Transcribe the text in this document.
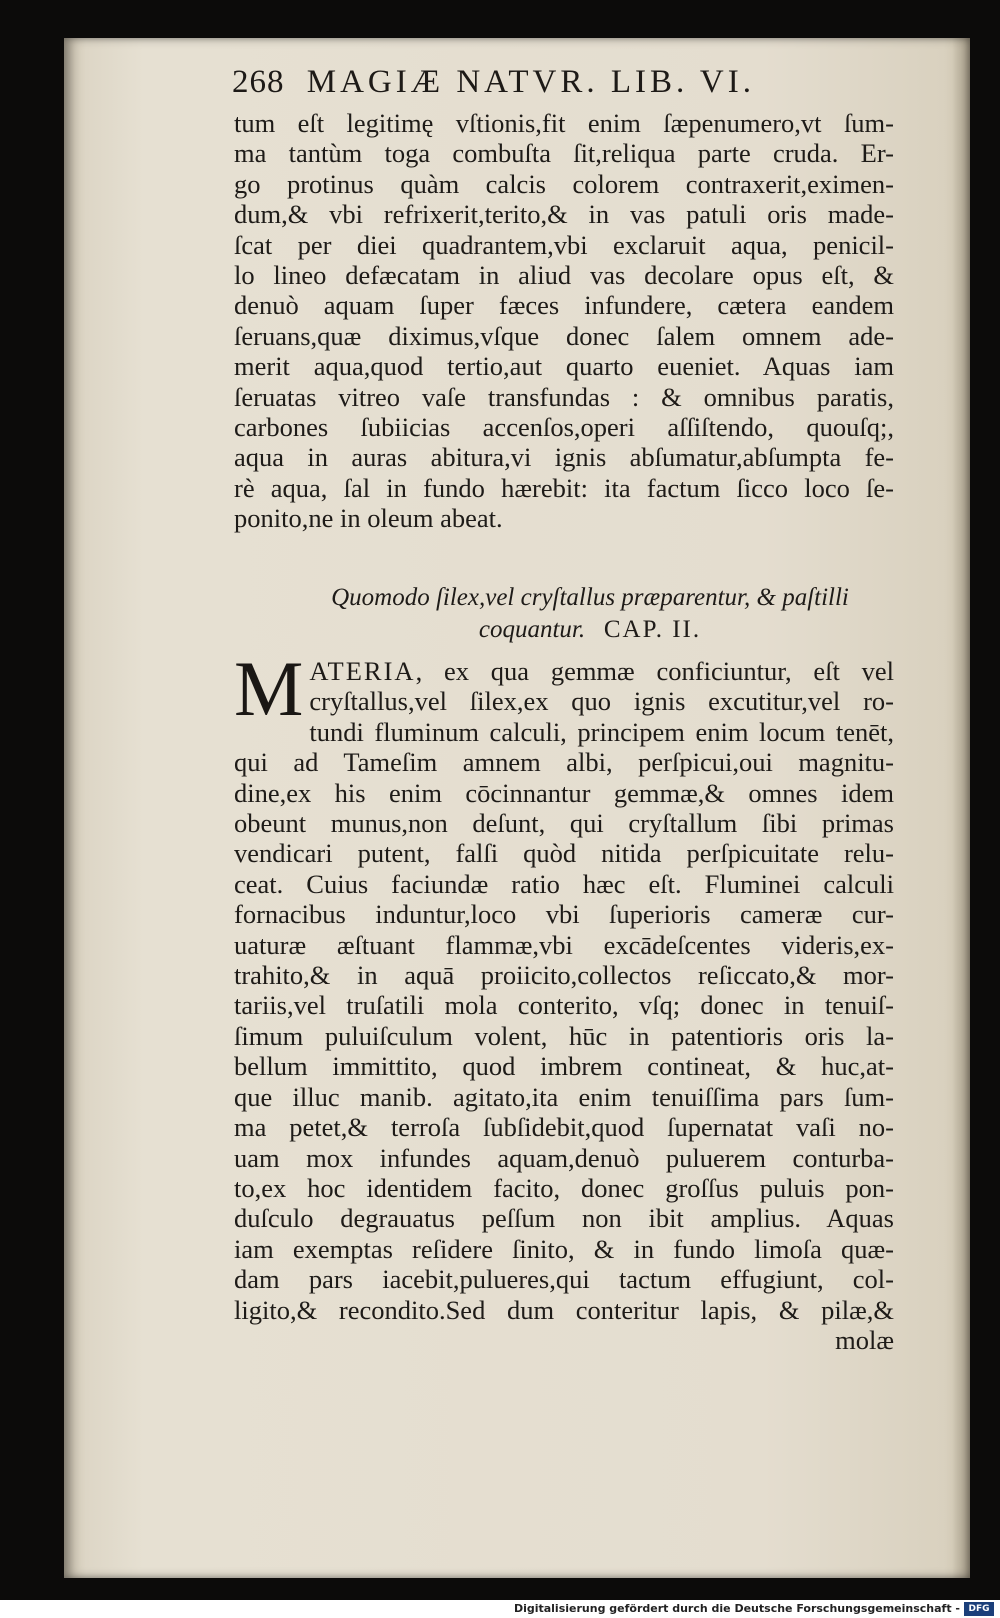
268 MAGIÆ NATVR. LIB. VI.
tum eſt legitimę vſtionis,fit enim ſæpenumero,vt ſum-
ma tantùm toga combuſta ſit,reliqua parte cruda. Er-
go protinus quàm calcis colorem contraxerit,eximen-
dum,& vbi refrixerit,terito,& in vas patuli oris made-
ſcat per diei quadrantem,vbi exclaruit aqua, penicil-
lo lineo defæcatam in aliud vas decolare opus eſt, &
denuò aquam ſuper fæces infundere, cætera eandem
ſeruans,quæ diximus,vſque donec ſalem omnem ade-
merit aqua,quod tertio,aut quarto eueniet. Aquas iam
ſeruatas vitreo vaſe transfundas : & omnibus paratis,
carbones ſubiicias accenſos,operi aſſiſtendo, quouſq;,
aqua in auras abitura,vi ignis abſumatur,abſumpta fe-
rè aqua, ſal in fundo hærebit: ita factum ſicco loco ſe-
ponito,ne in oleum abeat.
Quomodo ſilex,vel cryſtallus præparentur, & paſtilli
coquantur. CAP. II.
M ATERIA, ex qua gemmæ conficiuntur, eſt vel
cryſtallus,vel ſilex,ex quo ignis excutitur,vel ro-
tundi fluminum calculi, principem enim locum tenēt,
qui ad Tameſim amnem albi, perſpicui,oui magnitu-
dine,ex his enim cōcinnantur gemmæ,& omnes idem
obeunt munus,non deſunt, qui cryſtallum ſibi primas
vendicari putent, falſi quòd nitida perſpicuitate relu-
ceat. Cuius faciundæ ratio hæc eſt. Fluminei calculi
fornacibus induntur,loco vbi ſuperioris cameræ cur-
uaturæ æſtuant flammæ,vbi excādeſcentes videris,ex-
trahito,& in aquā proiicito,collectos reſiccato,& mor-
tariis,vel truſatili mola conterito, vſq; donec in tenuiſ-
ſimum puluiſculum volent, hūc in patentioris oris la-
bellum immittito, quod imbrem contineat, & huc,at-
que illuc manib. agitato,ita enim tenuiſſima pars ſum-
ma petet,& terroſa ſubſidebit,quod ſupernatat vaſi no-
uam mox infundes aquam,denuò puluerem conturba-
to,ex hoc identidem facito, donec groſſus puluis pon-
duſculo degrauatus peſſum non ibit amplius. Aquas
iam exemptas reſidere ſinito, & in fundo limoſa quæ-
dam pars iacebit,pulueres,qui tactum effugiunt, col-
ligito,& recondito.Sed dum conteritur lapis, & pilæ,&
molæ
Digitalisierung gefördert durch die Deutsche Forschungsgemeinschaft - DFG
